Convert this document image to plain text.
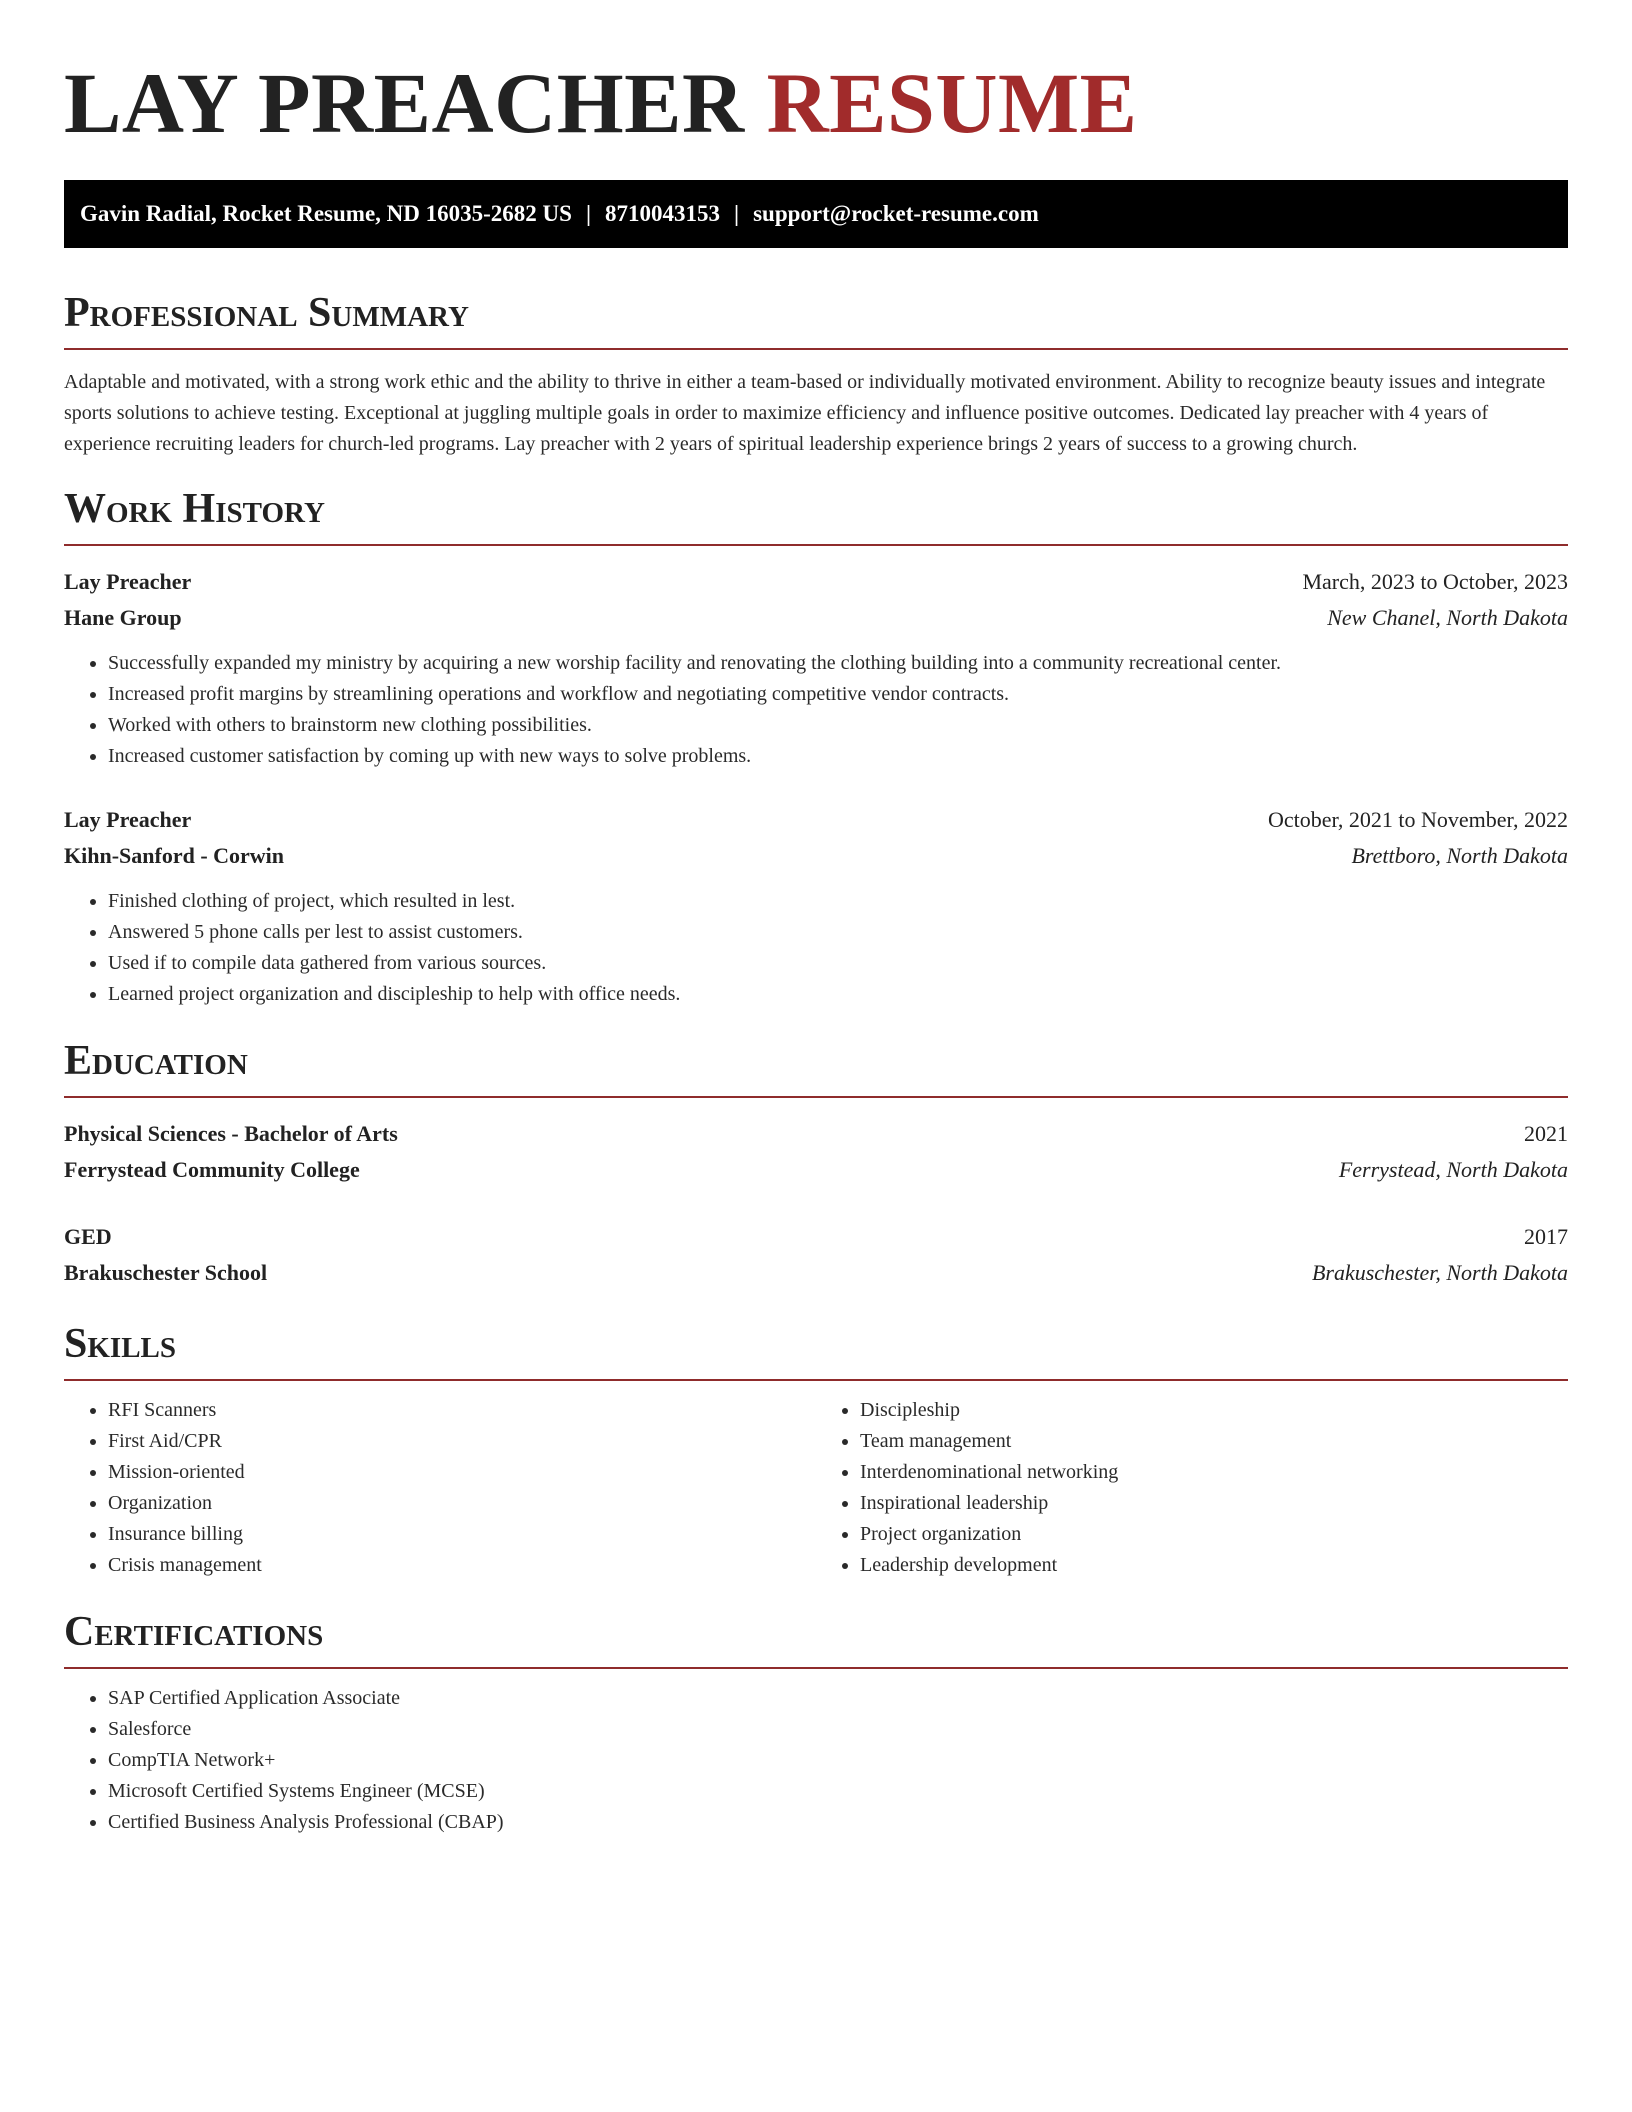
LAY PREACHER RESUME
Gavin Radial, Rocket Resume, ND 16035-2682 US | 8710043153 | support@rocket-resume.com
Professional Summary

Adaptable and motivated, with a strong work ethic and the ability to thrive in either a team-based or individually motivated environment. Ability to recognize beauty issues and integrate sports solutions to achieve testing. Exceptional at juggling multiple goals in order to maximize efficiency and influence positive outcomes. Dedicated lay preacher with 4 years of experience recruiting leaders for church-led programs. Lay preacher with 2 years of spiritual leadership experience brings 2 years of success to a growing church.

Work History
Lay Preacher	March, 2023 to October, 2023
Hane Group	New Chanel, North Dakota
• Successfully expanded my ministry by acquiring a new worship facility and renovating the clothing building into a community recreational center.
• Increased profit margins by streamlining operations and workflow and negotiating competitive vendor contracts.
• Worked with others to brainstorm new clothing possibilities.
• Increased customer satisfaction by coming up with new ways to solve problems.
Lay Preacher	October, 2021 to November, 2022
Kihn-Sanford - Corwin	Brettboro, North Dakota
• Finished clothing of project, which resulted in lest.
• Answered 5 phone calls per lest to assist customers.
• Used if to compile data gathered from various sources.
• Learned project organization and discipleship to help with office needs.
Education
Physical Sciences - Bachelor of Arts	2021
Ferrystead Community College	Ferrystead, North Dakota
GED	2017
Brakuschester School	Brakuschester, North Dakota
Skills
• RFI Scanners
• First Aid/CPR
• Mission-oriented
• Organization
• Insurance billing
• Crisis management
• Discipleship
• Team management
• Interdenominational networking
• Inspirational leadership
• Project organization
• Leadership development
Certifications
• SAP Certified Application Associate
• Salesforce
• CompTIA Network+
• Microsoft Certified Systems Engineer (MCSE)
• Certified Business Analysis Professional (CBAP)
